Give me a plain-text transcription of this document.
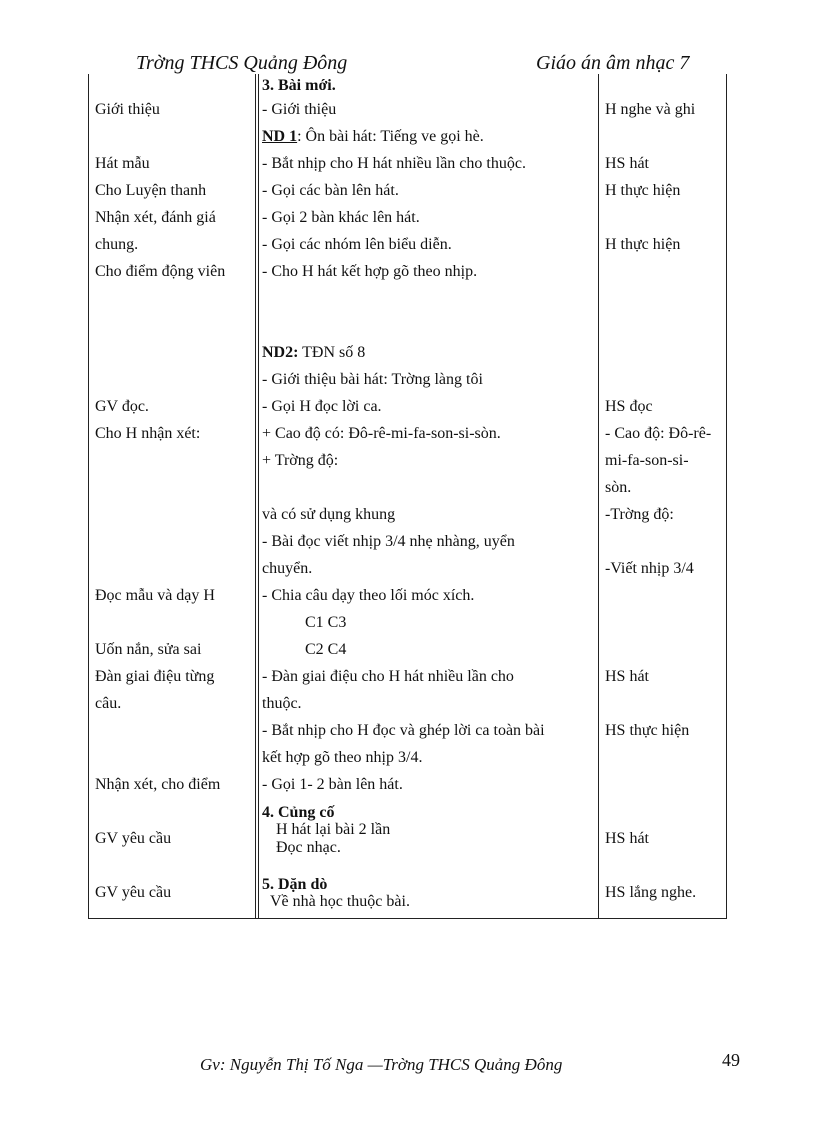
Trờng THCS Quảng Đông	Giáo án âm nhạc 7
Giới thiệu
Hát mẫu
Cho Luyện thanh
Nhận xét, đánh giá
chung.
Cho điểm động viên
GV đọc.
Cho H nhận xét:
Đọc mẫu và dạy H
Uốn nắn, sửa sai
Đàn giai điệu từng
câu.
Nhận xét, cho điểm
GV yêu cầu
GV yêu cầu
3. Bài mới.
- Giới thiệu
ND 1: Ôn bài hát: Tiếng ve gọi hè.
- Bắt nhịp cho H hát nhiều lần cho thuộc.
- Gọi các bàn lên hát.
- Gọi 2 bàn khác lên hát.
- Gọi các nhóm lên biểu diễn.
- Cho H hát kết hợp gõ theo nhịp.
ND2: TĐN số 8
- Giới thiệu bài hát: Trờng làng tôi
- Gọi H đọc lời ca.
+ Cao độ có: Đô-rê-mi-fa-son-si-sòn.
+ Trờng độ:
và có sử dụng khung
- Bài đọc viết nhịp 3/4 nhẹ nhàng, uyển
chuyển.
- Chia câu dạy theo lối móc xích.
C1 C3
C2 C4
- Đàn giai điệu cho H hát nhiều lần cho
thuộc.
- Bắt nhịp cho H đọc và ghép lời ca toàn bài
kết hợp gõ theo nhịp 3/4.
- Gọi 1- 2 bàn lên hát.
4. Củng cố
H hát lại bài 2 lần
Đọc nhạc.
5. Dặn dò
Về nhà học thuộc bài.
H nghe và ghi
HS hát
H thực hiện
H thực hiện
HS đọc
- Cao độ: Đô-rê-
mi-fa-son-si-
sòn.
-Trờng độ:
-Viết nhịp 3/4
HS hát
HS thực hiện
HS hát
HS lắng nghe.
Gv: Nguyễn Thị Tố Nga —Trờng THCS Quảng Đông	49
